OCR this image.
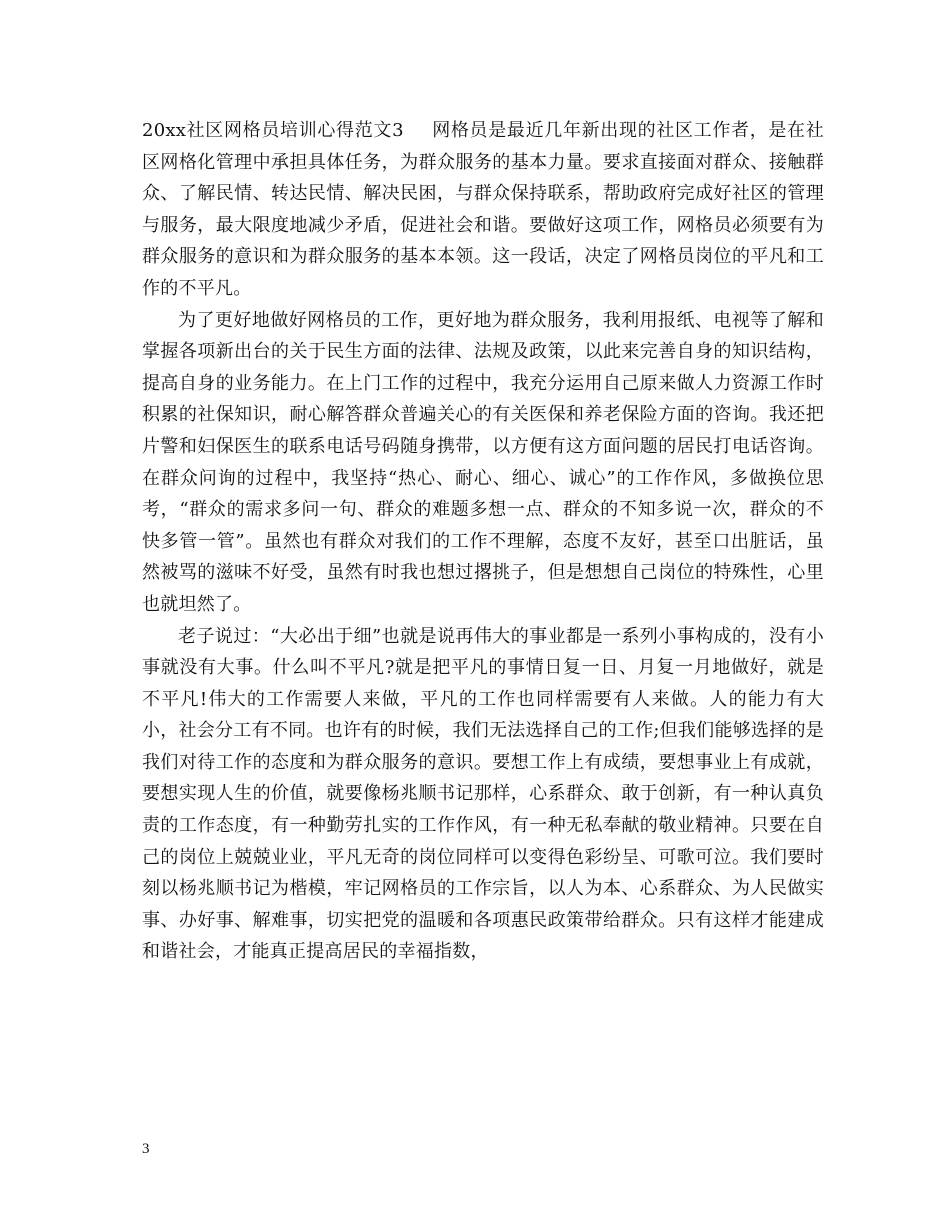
20xx社区网格员培训心得范文3 网格员是最近几年新出现的社区工作者，是在社区网格化管理中承担具体任务，为群众服务的基本力量。要求直接面对群众、接触群众、了解民情、转达民情、解决民困，与群众保持联系，帮助政府完成好社区的管理与服务，最大限度地减少矛盾，促进社会和谐。要做好这项工作，网格员必须要有为群众服务的意识和为群众服务的基本本领。这一段话，决定了网格员岗位的平凡和工作的不平凡。

为了更好地做好网格员的工作，更好地为群众服务，我利用报纸、电视等了解和掌握各项新出台的关于民生方面的法律、法规及政策，以此来完善自身的知识结构，提高自身的业务能力。在上门工作的过程中，我充分运用自己原来做人力资源工作时积累的社保知识，耐心解答群众普遍关心的有关医保和养老保险方面的咨询。我还把片警和妇保医生的联系电话号码随身携带，以方便有这方面问题的居民打电话咨询。在群众问询的过程中，我坚持“热心、耐心、细心、诚心”的工作作风，多做换位思考，“群众的需求多问一句、群众的难题多想一点、群众的不知多说一次，群众的不快多管一管”。虽然也有群众对我们的工作不理解，态度不友好，甚至口出脏话，虽然被骂的滋味不好受，虽然有时我也想过撂挑子，但是想想自己岗位的特殊性，心里也就坦然了。

老子说过：“大必出于细”也就是说再伟大的事业都是一系列小事构成的，没有小事就没有大事。什么叫不平凡?就是把平凡的事情日复一日、月复一月地做好，就是不平凡!伟大的工作需要人来做，平凡的工作也同样需要有人来做。人的能力有大小，社会分工有不同。也许有的时候，我们无法选择自己的工作;但我们能够选择的是我们对待工作的态度和为群众服务的意识。要想工作上有成绩，要想事业上有成就，要想实现人生的价值，就要像杨兆顺书记那样，心系群众、敢于创新，有一种认真负责的工作态度，有一种勤劳扎实的工作作风，有一种无私奉献的敬业精神。只要在自己的岗位上兢兢业业，平凡无奇的岗位同样可以变得色彩纷呈、可歌可泣。我们要时刻以杨兆顺书记为楷模，牢记网格员的工作宗旨，以人为本、心系群众、为人民做实事、办好事、解难事，切实把党的温暖和各项惠民政策带给群众。只有这样才能建成和谐社会，才能真正提高居民的幸福指数，

3
